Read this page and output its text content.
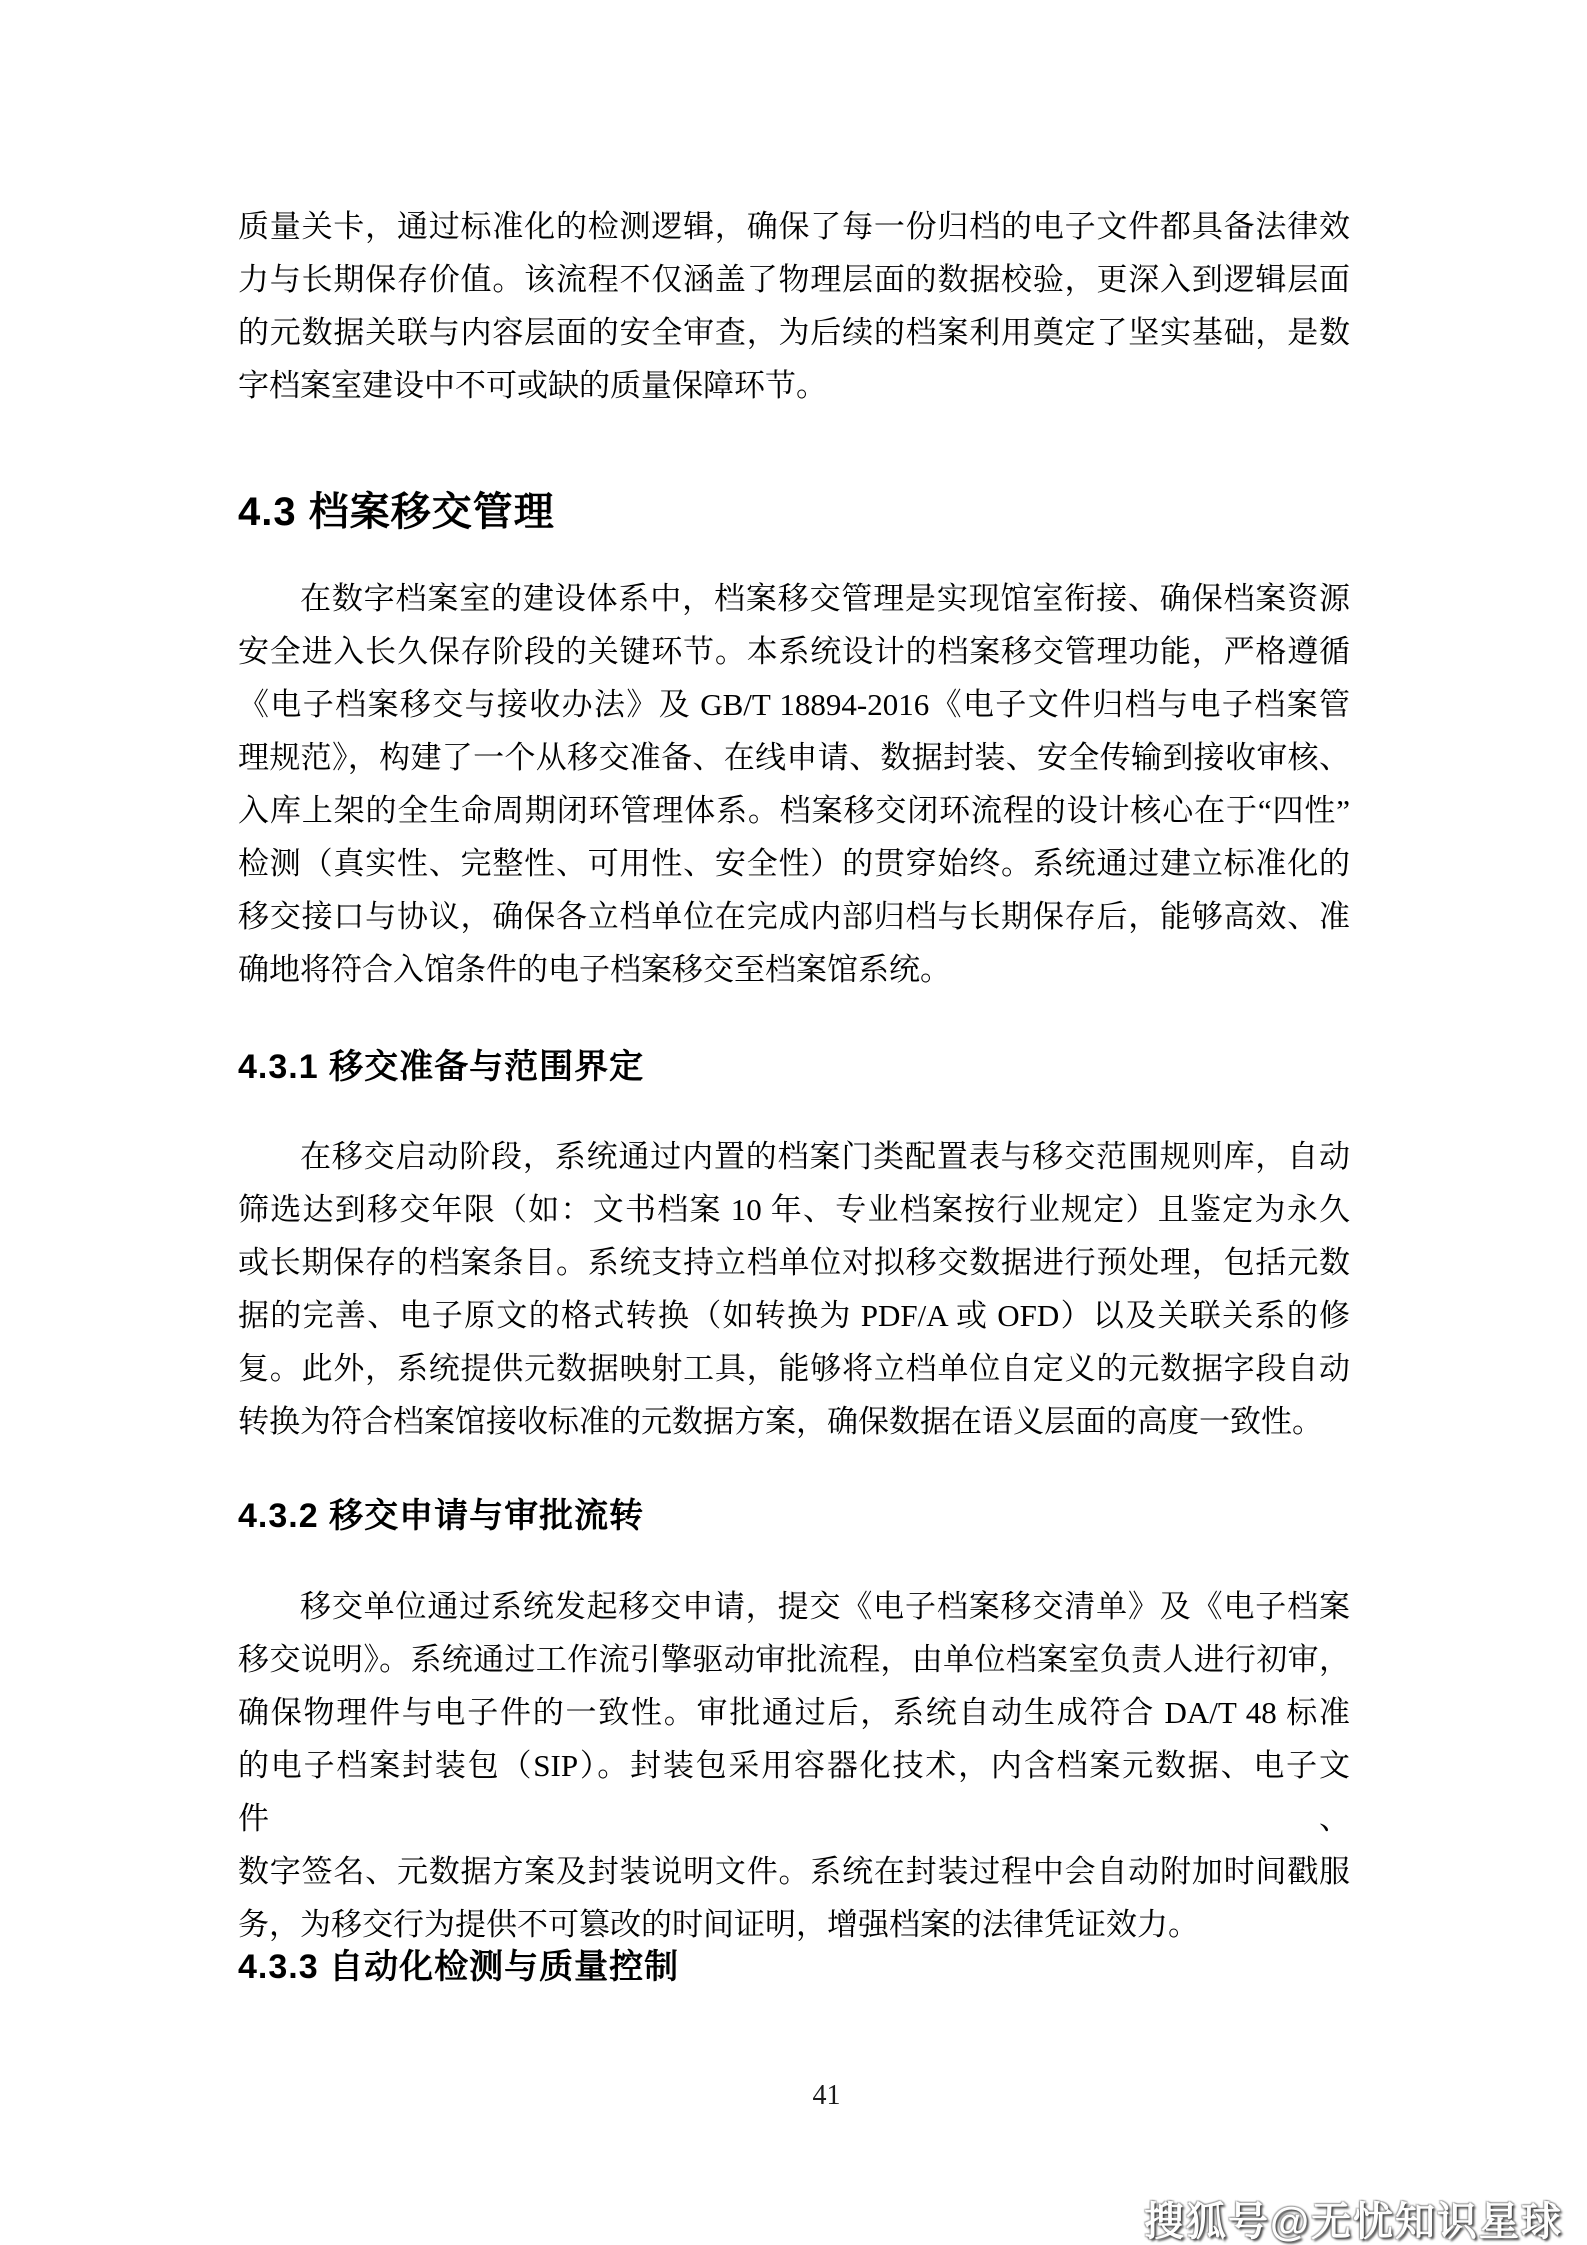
质量关卡，通过标准化的检测逻辑，确保了每一份归档的电子文件都具备法律效
力与长期保存价值。该流程不仅涵盖了物理层面的数据校验，更深入到逻辑层面
的元数据关联与内容层面的安全审查，为后续的档案利用奠定了坚实基础，是数
字档案室建设中不可或缺的质量保障环节。
4.3 档案移交管理
在数字档案室的建设体系中，档案移交管理是实现馆室衔接、确保档案资源
安全进入长久保存阶段的关键环节。本系统设计的档案移交管理功能，严格遵循
《电子档案移交与接收办法》及 GB/T 18894-2016《电子文件归档与电子档案管
理规范》，构建了一个从移交准备、在线申请、数据封装、安全传输到接收审核、
入库上架的全生命周期闭环管理体系。档案移交闭环流程的设计核心在于“四性”
检测（真实性、完整性、可用性、安全性）的贯穿始终。系统通过建立标准化的
移交接口与协议，确保各立档单位在完成内部归档与长期保存后，能够高效、准
确地将符合入馆条件的电子档案移交至档案馆系统。
4.3.1 移交准备与范围界定
在移交启动阶段，系统通过内置的档案门类配置表与移交范围规则库，自动
筛选达到移交年限（如：文书档案 10 年、专业档案按行业规定）且鉴定为永久
或长期保存的档案条目。系统支持立档单位对拟移交数据进行预处理，包括元数
据的完善、电子原文的格式转换（如转换为 PDF/A 或 OFD）以及关联关系的修
复。此外，系统提供元数据映射工具，能够将立档单位自定义的元数据字段自动
转换为符合档案馆接收标准的元数据方案，确保数据在语义层面的高度一致性。
4.3.2 移交申请与审批流转
移交单位通过系统发起移交申请，提交《电子档案移交清单》及《电子档案
移交说明》。系统通过工作流引擎驱动审批流程，由单位档案室负责人进行初审，
确保物理件与电子件的一致性。审批通过后，系统自动生成符合 DA/T 48 标准
的电子档案封装包（SIP）。封装包采用容器化技术，内含档案元数据、电子文件、
数字签名、元数据方案及封装说明文件。系统在封装过程中会自动附加时间戳服
务，为移交行为提供不可篡改的时间证明，增强档案的法律凭证效力。
4.3.3 自动化检测与质量控制
41
搜狐号@无忧知识星球
